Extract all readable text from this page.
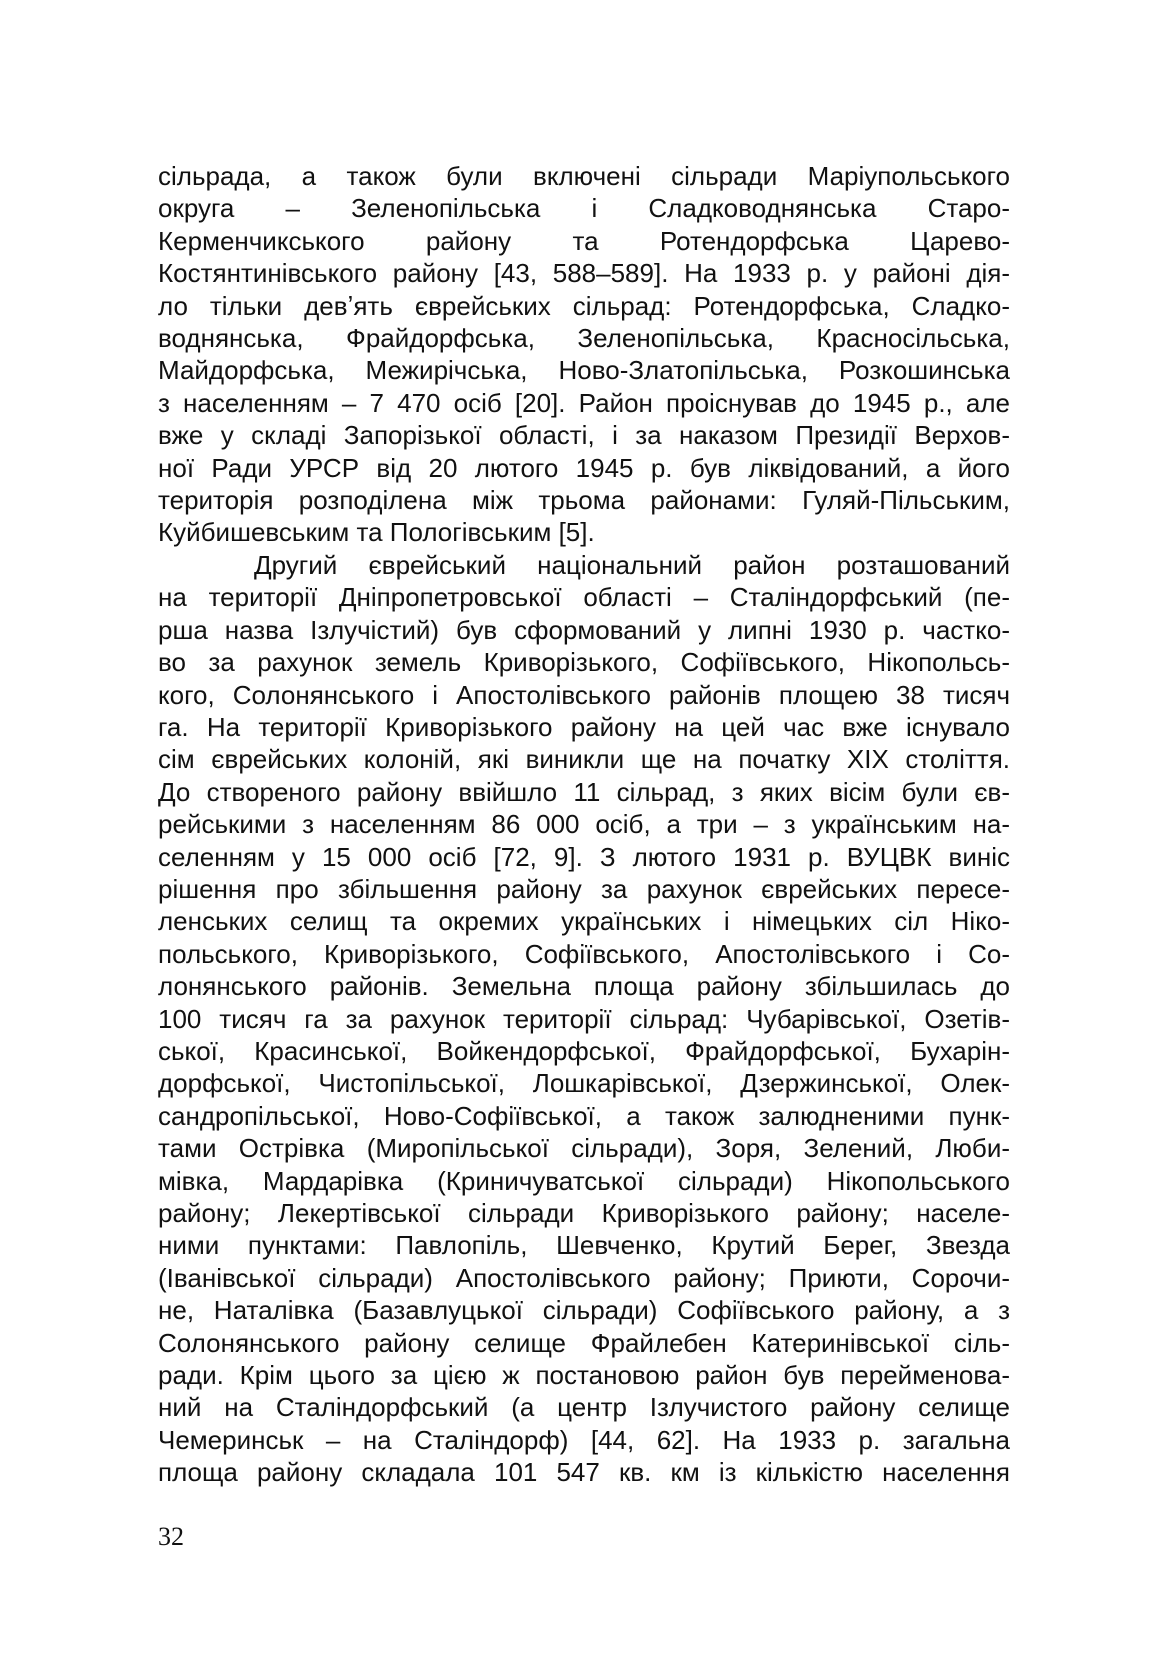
сільрада, а також були включені сільради Маріупольського
округа – Зеленопільська і Сладководнянська Старо-
Керменчикського району та Ротендорфська Царево-
Костянтинівського району [43, 588–589]. На 1933 р. у районі дія-
ло тільки девʼять єврейських сільрад: Ротендорфська, Сладко-
воднянська, Фрайдорфська, Зеленопільська, Красносільська,
Майдорфська, Межирічська, Ново-Златопільська, Розкошинська
з населенням – 7 470 осіб [20]. Район проіснував до 1945 р., але
вже у складі Запорізької області, і за наказом Президії Верхов-
ної Ради УРСР від 20 лютого 1945 р. був ліквідований, а його
територія розподілена між трьома районами: Гуляй-Пільським,
Куйбишевським та Пологівським [5].
Другий єврейський національний район розташований
на території Дніпропетровської області – Сталіндорфський (пе-
рша назва Ізлучістий) був сформований у липні 1930 р. частко-
во за рахунок земель Криворізького, Софіївського, Нікопольсь-
кого, Солонянського і Апостолівського районів площею 38 тисяч
га. На території Криворізького району на цей час вже існувало
сім єврейських колоній, які виникли ще на початку ХІХ століття.
До створеного району ввійшло 11 сільрад, з яких вісім були єв-
рейськими з населенням 86 000 осіб, а три – з українським на-
селенням у 15 000 осіб [72, 9]. З лютого 1931 р. ВУЦВК виніс
рішення про збільшення району за рахунок єврейських пересе-
ленських селищ та окремих українських і німецьких сіл Ніко-
польського, Криворізького, Софіївського, Апостолівського і Со-
лонянського районів. Земельна площа району збільшилась до
100 тисяч га за рахунок території сільрад: Чубарівської, Озетів-
ської, Красинської, Войкендорфської, Фрайдорфської, Бухарін-
дорфської, Чистопільської, Лошкарівської, Дзержинської, Олек-
сандропільської, Ново-Софіївської, а також залюдненими пунк-
тами Острівка (Миропільської сільради), Зоря, Зелений, Люби-
мівка, Мардарівка (Криничуватської сільради) Нікопольського
району; Лекертівської сільради Криворізького району; населе-
ними пунктами: Павлопіль, Шевченко, Крутий Берег, Звезда
(Іванівської сільради) Апостолівського району; Приюти, Сорочи-
не, Наталівка (Базавлуцької сільради) Софіївського району, а з
Солонянського району селище Фрайлебен Катеринівської сіль-
ради. Крім цього за цією ж постановою район був перейменова-
ний на Сталіндорфський (а центр Ізлучистого району селище
Чемеринськ – на Сталіндорф) [44, 62]. На 1933 р. загальна
площа району складала 101 547 кв. км із кількістю населення
32
